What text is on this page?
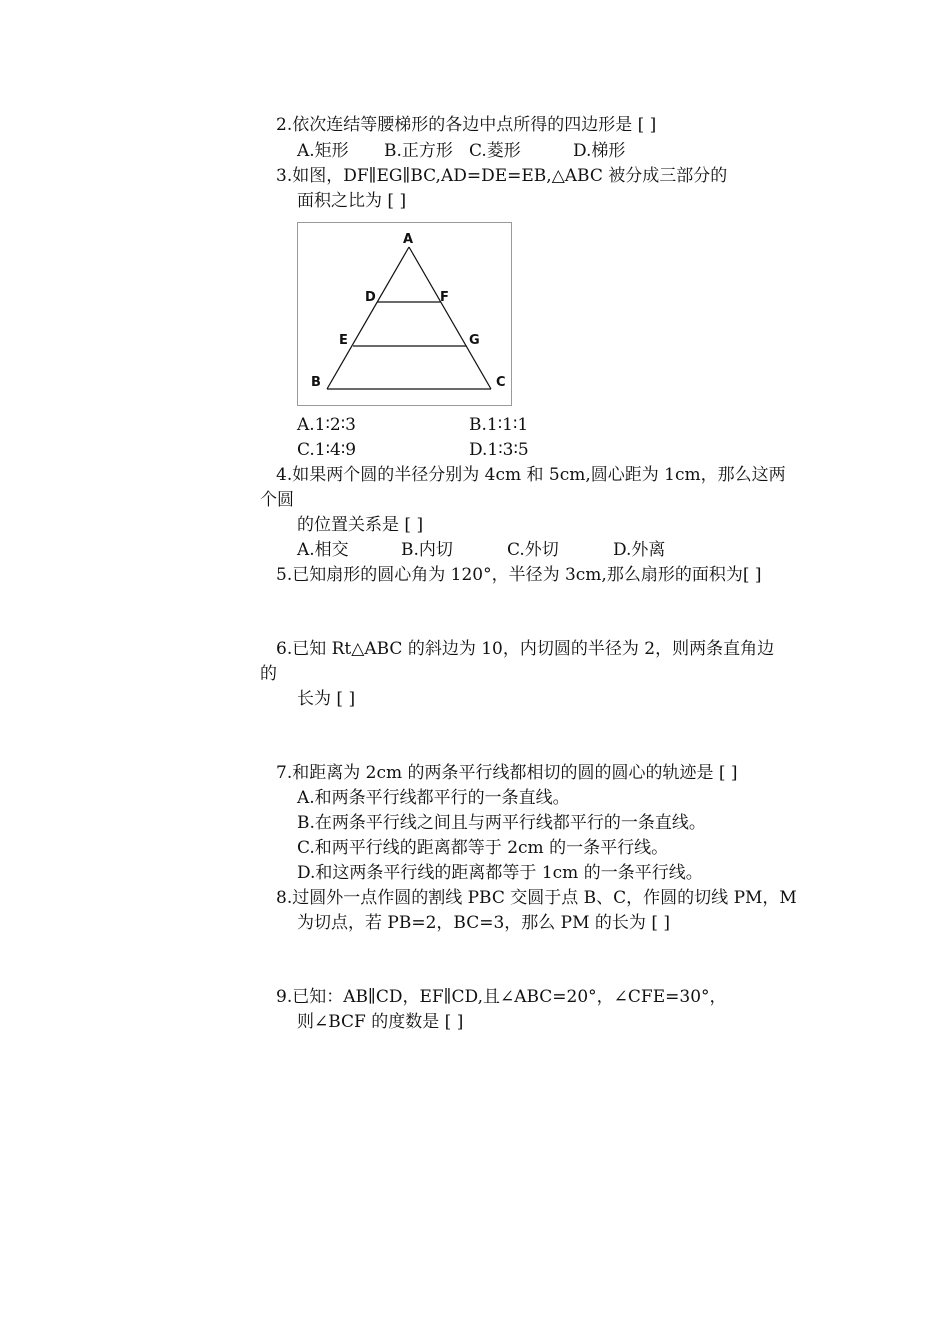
2.依次连结等腰梯形的各边中点所得的四边形是 [ ]
A.矩形 B.正方形 C.菱形	D.梯形
3.如图，DF∥EG∥BC,AD=DE=EB,△ABC 被分成三部分的
面积之比为 [ ]
A
D	F
E	G
B	C
A.1∶2∶3	B.1∶1∶1
C.1∶4∶9	D.1∶3∶5
4.如果两个圆的半径分别为 4cm 和 5cm,圆心距为 1cm，那么这两
个圆
的位置关系是 [ ]
A.相交	B.内切	C.外切	D.外离
5.已知扇形的圆心角为 120°，半径为 3cm,那么扇形的面积为[ ]
6.已知 Rt△ABC 的斜边为 10，内切圆的半径为 2，则两条直角边
的
长为 [ ]
7.和距离为 2cm 的两条平行线都相切的圆的圆心的轨迹是 [ ]
A.和两条平行线都平行的一条直线。
B.在两条平行线之间且与两平行线都平行的一条直线。
C.和两平行线的距离都等于 2cm 的一条平行线。
D.和这两条平行线的距离都等于 1cm 的一条平行线。
8.过圆外一点作圆的割线 PBC 交圆于点 B、C，作圆的切线 PM，M
为切点，若 PB=2，BC=3，那么 PM 的长为 [ ]
9.已知：AB∥CD，EF∥CD,且∠ABC=20°，∠CFE=30°，
则∠BCF 的度数是 [ ]
